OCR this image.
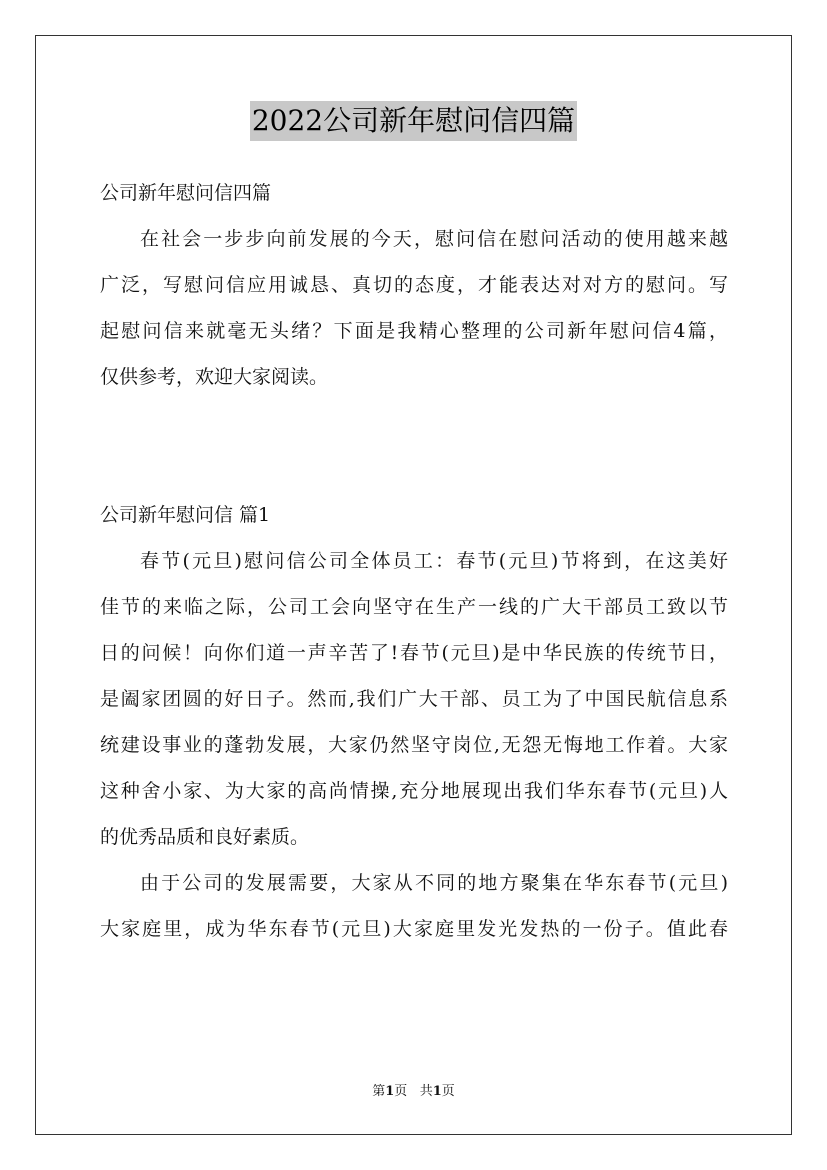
2022公司新年慰问信四篇
公司新年慰问信四篇
在社会一步步向前发展的今天，慰问信在慰问活动的使用越来越
广泛，写慰问信应用诚恳、真切的态度，才能表达对对方的慰问。写
起慰问信来就毫无头绪？下面是我精心整理的公司新年慰问信4篇，
仅供参考，欢迎大家阅读。
公司新年慰问信 篇1
春节(元旦)慰问信公司全体员工：春节(元旦)节将到，在这美好
佳节的来临之际，公司工会向坚守在生产一线的广大干部员工致以节
日的问候！向你们道一声辛苦了!春节(元旦)是中华民族的传统节日，
是阖家团圆的好日子。然而,我们广大干部、员工为了中国民航信息系
统建设事业的蓬勃发展，大家仍然坚守岗位,无怨无悔地工作着。大家
这种舍小家、为大家的高尚情操,充分地展现出我们华东春节(元旦)人
的优秀品质和良好素质。
由于公司的发展需要，大家从不同的地方聚集在华东春节(元旦)
大家庭里，成为华东春节(元旦)大家庭里发光发热的一份子。值此春
第1页 共1页
